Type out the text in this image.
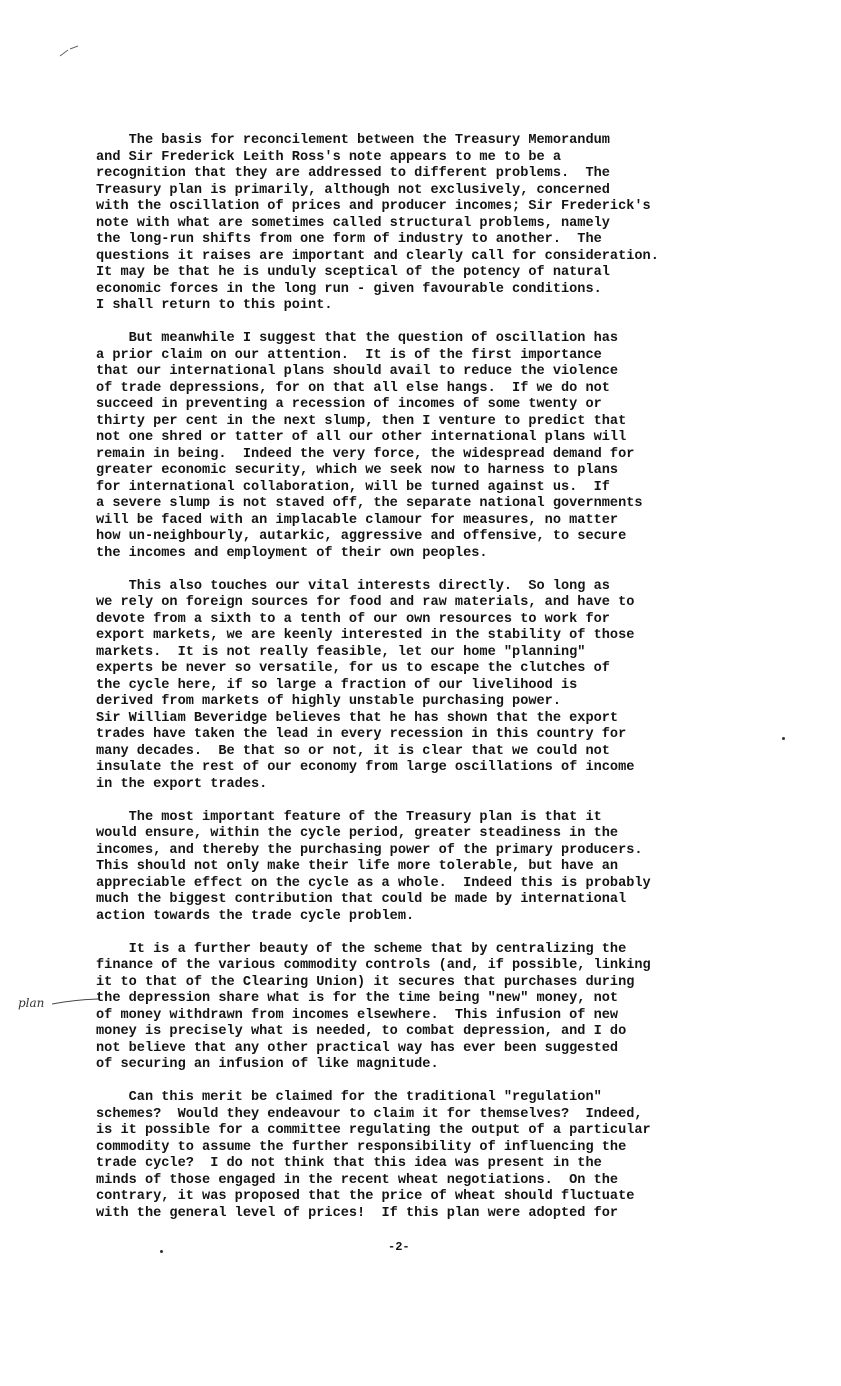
The basis for reconcilement between the Treasury Memorandum
and Sir Frederick Leith Ross's note appears to me to be a
recognition that they are addressed to different problems.  The
Treasury plan is primarily, although not exclusively, concerned
with the oscillation of prices and producer incomes; Sir Frederick's
note with what are sometimes called structural problems, namely
the long-run shifts from one form of industry to another.  The
questions it raises are important and clearly call for consideration.
It may be that he is unduly sceptical of the potency of natural
economic forces in the long run - given favourable conditions.
I shall return to this point.
But meanwhile I suggest that the question of oscillation has
a prior claim on our attention.  It is of the first importance
that our international plans should avail to reduce the violence
of trade depressions, for on that all else hangs.  If we do not
succeed in preventing a recession of incomes of some twenty or
thirty per cent in the next slump, then I venture to predict that
not one shred or tatter of all our other international plans will
remain in being.  Indeed the very force, the widespread demand for
greater economic security, which we seek now to harness to plans
for international collaboration, will be turned against us.  If
a severe slump is not staved off, the separate national governments
will be faced with an implacable clamour for measures, no matter
how un-neighbourly, autarkic, aggressive and offensive, to secure
the incomes and employment of their own peoples.
This also touches our vital interests directly.  So long as
we rely on foreign sources for food and raw materials, and have to
devote from a sixth to a tenth of our own resources to work for
export markets, we are keenly interested in the stability of those
markets.  It is not really feasible, let our home "planning"
experts be never so versatile, for us to escape the clutches of
the cycle here, if so large a fraction of our livelihood is
derived from markets of highly unstable purchasing power.
Sir William Beveridge believes that he has shown that the export
trades have taken the lead in every recession in this country for
many decades.  Be that so or not, it is clear that we could not
insulate the rest of our economy from large oscillations of income
in the export trades.
The most important feature of the Treasury plan is that it
would ensure, within the cycle period, greater steadiness in the
incomes, and thereby the purchasing power of the primary producers.
This should not only make their life more tolerable, but have an
appreciable effect on the cycle as a whole.  Indeed this is probably
much the biggest contribution that could be made by international
action towards the trade cycle problem.
It is a further beauty of the scheme that by centralizing the
finance of the various commodity controls (and, if possible, linking
it to that of the Clearing Union) it secures that purchases during
the depression share what is for the time being "new" money, not
of money withdrawn from incomes elsewhere.  This infusion of new
money is precisely what is needed, to combat depression, and I do
not believe that any other practical way has ever been suggested
of securing an infusion of like magnitude.
Can this merit be claimed for the traditional "regulation"
schemes?  Would they endeavour to claim it for themselves?  Indeed,
is it possible for a committee regulating the output of a particular
commodity to assume the further responsibility of influencing the
trade cycle?  I do not think that this idea was present in the
minds of those engaged in the recent wheat negotiations.  On the
contrary, it was proposed that the price of wheat should fluctuate
with the general level of prices!  If this plan were adopted for
plan
-2-
